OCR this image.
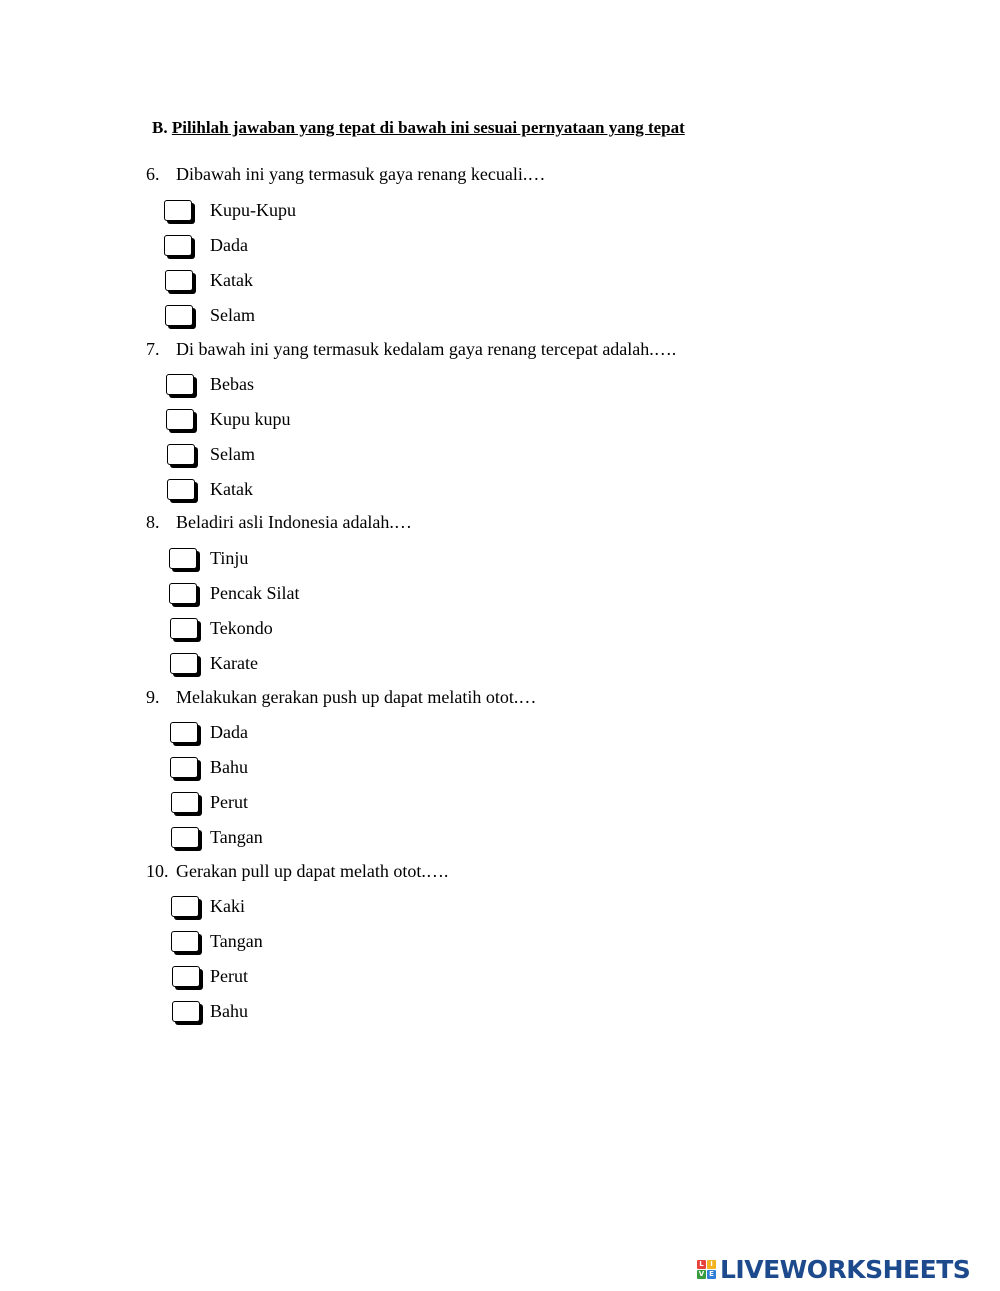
B. Pilihlah jawaban yang tepat di bawah ini sesuai pernyataan yang tepat
6. Dibawah ini yang termasuk gaya renang kecuali.…
Kupu-Kupu
Dada
Katak
Selam
7. Di bawah ini yang termasuk kedalam gaya renang tercepat adalah.….
Bebas
Kupu kupu
Selam
Katak
8. Beladiri asli Indonesia adalah.…
Tinju
Pencak Silat
Tekondo
Karate
9. Melakukan gerakan push up dapat melatih otot.…
Dada
Bahu
Perut
Tangan
10. Gerakan pull up dapat melath otot.….
Kaki
Tangan
Perut
Bahu
L I
V E LIVEWORKSHEETS
